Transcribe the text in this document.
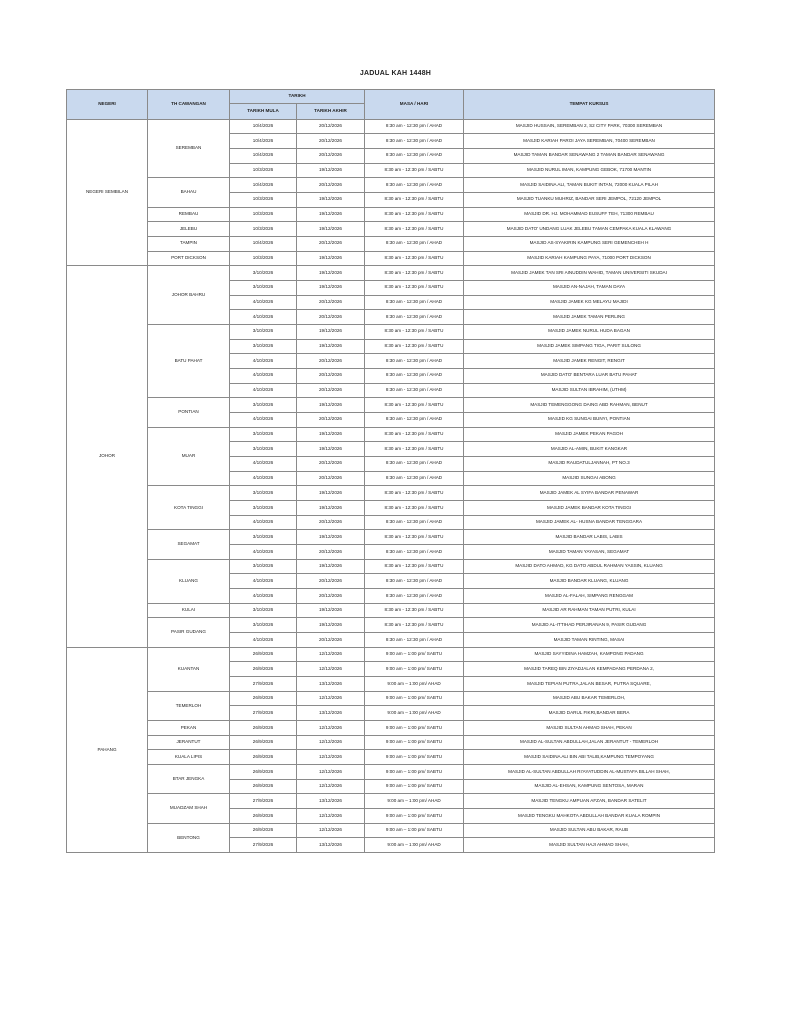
JADUAL KAH 1448H
NEGERI	TH CAWANGAN	TARIKH		MASA / HARI	TEMPAT KURSUS
		TARIKH MULA	TARIKH AKHIR		
NEGERI SEMBILAN	SEREMBAN	10/4/2026	20/12/2026	8:30 am - 12:30 pm / AHAD	MASJID HUSSAIN, SEREMBAN 2, S2 CITY PARK, 70300 SEREMBAN
		10/4/2026	20/12/2026	8:30 am - 12:30 pm / AHAD	MASJID KARIAH PAROI JAYA SEREMBAN, 70400 SEREMBAN
		10/4/2026	20/12/2026	8:30 am - 12:30 pm / AHAD	MASJID TAMAN BANDAR SENAWANG 2 TAMAN BANDAR SENAWANG
		10/3/2026	19/12/2026	8:30 am - 12:30 pm / SABTU	MASJID NURUL IMAN, KAMPUNG GEBOK, 71700 MANTIN
	BAHAU	10/4/2026	20/12/2026	8:30 am - 12:30 pm / AHAD	MASJID SAIDINA ALI, TAMAN BUKIT INTAN, 72000 KUALA PILAH
		10/3/2026	19/12/2026	8:30 am - 12:30 pm / SABTU	MASJID TUANKU MUHRIZ, BANDAR SERI JEMPOL, 72120 JEMPOL
	REMBAU	10/3/2026	19/12/2026	8:30 am - 12:30 pm / SABTU	MASJID DR. HJ. MOHAMMAD EUSUFF TEH, 71300 REMBAU
	JELEBU	10/3/2026	19/12/2026	8:30 am - 12:30 pm / SABTU	MASJID DATO' UNDANG LUAK JELEBU TAMAN CEMPAKA KUALA KLAWANG
	TAMPIN	10/4/2026	20/12/2026	8:30 am - 12:30 pm / AHAD	MASJID AS-SYAKIRIN KAMPUNG SERI GEMENCHEH H
	PORT DICKSON	10/3/2026	19/12/2026	8:30 am - 12:30 pm / SABTU	MASJID KARIAH KAMPUNG PAYA, 71000 PORT DICKSON
JOHOR	JOHOR BAHRU	3/10/2026	19/12/2026	8:30 am - 12:30 pm / SABTU	MASJID JAMEK TAN SRI AINUDDIN WAHID, TAMAN UNIVERSITI SKUDAI
		3/10/2026	19/12/2026	8:30 am - 12:30 pm / SABTU	MASJID AN-NAJAH, TAMAN DAYA
		4/10/2026	20/12/2026	8:30 am - 12:30 pm / AHAD	MASJID JAMEK KG MELAYU MAJIDI
		4/10/2026	20/12/2026	8:30 am - 12:30 pm / AHAD	MASJID JAMEK TAMAN PERLING
	BATU PAHAT	3/10/2026	19/12/2026	8:30 am - 12:30 pm / SABTU	MASJID JAMEK NURUL HUDA BAGAN
		3/10/2026	19/12/2026	8:30 am - 12:30 pm / SABTU	MASJID JAMEK SIMPANG TIGA, PARIT SULONG
		4/10/2026	20/12/2026	8:30 am - 12:30 pm / AHAD	MASJID JAMEK RENGIT, RENGIT
		4/10/2026	20/12/2026	8:30 am - 12:30 pm / AHAD	MASJID DATO' BENTARA LUAR BATU PAHAT
		4/10/2026	20/12/2026	8:30 am - 12:30 pm / AHAD	MASJID SULTAN IBRAHIM, (UTHM)
	PONTIAN	3/10/2026	19/12/2026	8:30 am - 12:30 pm / SABTU	MASJID TEMENGGONG DAING ABD RAHMAN, BENUT
		4/10/2026	20/12/2026	8:30 am - 12:30 pm / AHAD	MASJID KG SUNGAI BUNYI, PONTIAN
	MUAR	3/10/2026	19/12/2026	8:30 am - 12:30 pm / SABTU	MASJID JAMEK PEKAN PAGOH
		3/10/2026	19/12/2026	8:30 am - 12:30 pm / SABTU	MASJID AL-AMIN, BUKIT KANGKAR
		4/10/2026	20/12/2026	8:30 am - 12:30 pm / AHAD	MASJID RAUDATULJANNAH, PT NO.3
		4/10/2026	20/12/2026	8:30 am - 12:30 pm / AHAD	MASJID SUNGAI ABONG
	KOTA TINGGI	3/10/2026	19/12/2026	8:30 am - 12:30 pm / SABTU	MASJID JAMEK AL SYIFA BANDAR PENAWAR
		3/10/2026	19/12/2026	8:30 am - 12:30 pm / SABTU	MASJID JAMEK BANDAR KOTA TINGGI
		4/10/2026	20/12/2026	8:30 am - 12:30 pm / AHAD	MASJID JAMEK AL- HUSNA BANDAR TENGGARA
	SEGAMAT	3/10/2026	19/12/2026	8:30 am - 12:30 pm / SABTU	MASJID BANDAR LABIS, LABIS
		4/10/2026	20/12/2026	8:30 am - 12:30 pm / AHAD	MASJID TAMAN YAYASAN, SEGAMAT
	KLUANG	3/10/2026	19/12/2026	8:30 am - 12:30 pm / SABTU	MASJID DATO AHMAD, KG DATO ABDUL RAHMAN YASSIN, KLUANG
		4/10/2026	20/12/2026	8:30 am - 12:30 pm / AHAD	MASJID BANDAR KLUANG, KLUANG
		4/10/2026	20/12/2026	8:30 am - 12:30 pm / AHAD	MASJID AL-FALAH, SIMPANG RENGGAM
	KULAI	3/10/2026	19/12/2026	8:30 am - 12:30 pm / SABTU	MASJID AR RAHMAN TAMAN PUTRI, KULAI
	PASIR GUDANG	3/10/2026	19/12/2026	8:30 am - 12:30 pm / SABTU	MASJID AL-ITTIHAD PERJIRANAN 9, PASIR GUDANG
		4/10/2026	20/12/2026	8:30 am - 12:30 pm / AHAD	MASJID TAMAN RINTING, MASAI
PAHANG	KUANTAN	26/9/2026	12/12/2026	9:00 am – 1:00 pm/ SABTU	MASJID SAYYIDINA HAMZAH, KAMPONG PADANG
		26/9/2026	12/12/2026	9:00 am – 1:00 pm/ SABTU	MASJID TAREQ BIN ZIYADJALAN KEMPADANG PERDANA 2,
		27/9/2026	13/12/2026	9:00 am – 1:00 pm/ AHAD	MASJID TEPIAN PUTRA,JALAN BESAR, PUTRA SQUARE,
	TEMERLOH	26/9/2026	12/12/2026	9:00 am – 1:00 pm/ SABTU	MASJID ABU BAKAR TEMERLOH,
		27/9/2026	13/12/2026	9:00 am – 1:00 pm/ AHAD	MASJID DARUL FIKRI,BANDAR BERA
	PEKAN	26/9/2026	12/12/2026	9:00 am – 1:00 pm/ SABTU	MASJID SULTAN AHMAD SHAH, PEKAN
	JERANTUT	26/9/2026	12/12/2026	9:00 am – 1:00 pm/ SABTU	MASJID AL-SULTAN ABDULLAH,JALAN JERANTUT - TEMERLOH
	KUALA LIPIS	26/9/2026	12/12/2026	9:00 am – 1:00 pm/ SABTU	MASJID SAIDINA ALI BIN ABI TALIB,KAMPUNG TEMPOYANG
	BTAR JENGKA	26/9/2026	12/12/2026	9:00 am – 1:00 pm/ SABTU	MASJID AL-SULTAN ABDULLAH RI'AYATUDDIN AL-MUSTAFA BILLAH SHAH,
		26/9/2026	12/12/2026	9:00 am – 1:00 pm/ SABTU	MASJID AL-EHSAN, KAMPUNG SENTOSA, MARAN
	MUADZAM SHAH	27/9/2026	13/12/2026	9:00 am – 1:00 pm/ AHAD	MASJID TENGKU AMPUAN AFZAN, BANDAR SATELIT
		26/9/2026	12/12/2026	9:00 am – 1:00 pm/ SABTU	MASJID TENGKU MAHKOTA ABDULLAH BANDAR KUALA ROMPIN
	BENTONG	26/9/2026	12/12/2026	9:00 am – 1:00 pm/ SABTU	MASJID SULTAN ABU BAKAR, RAUB
		27/9/2026	13/12/2026	9:00 am – 1:00 pm/ AHAD	MASJID SULTAN HAJI AHMAD SHAH,
